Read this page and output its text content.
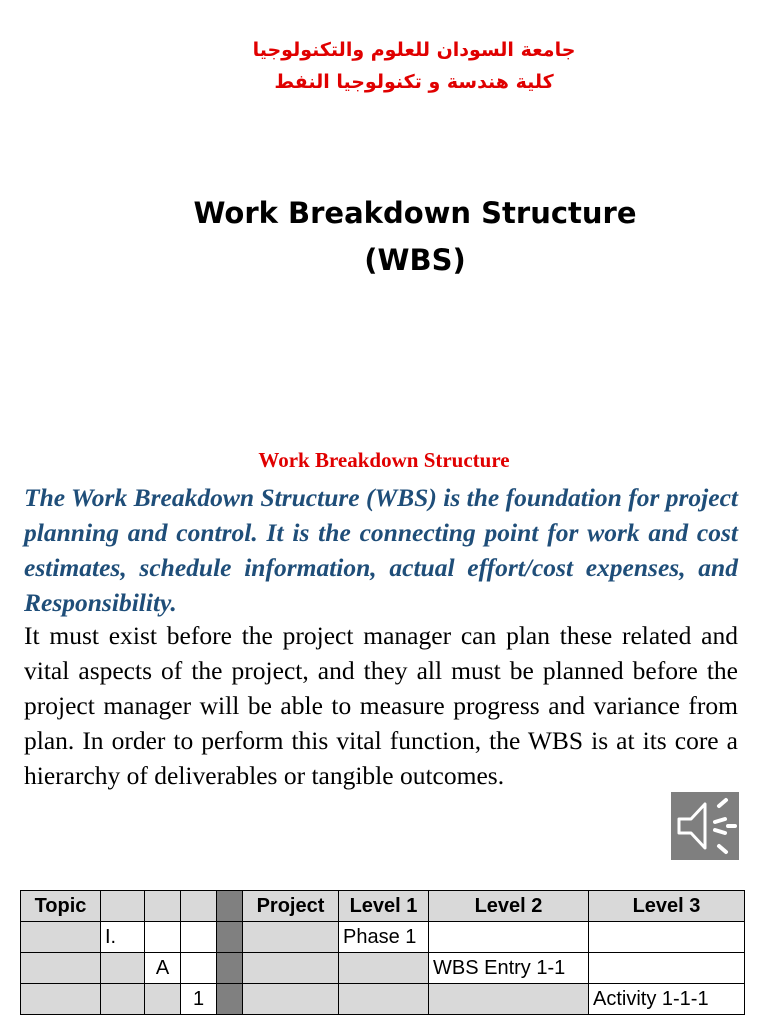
جامعة السودان للعلوم والتكنولوجيا
كلية هندسة و تكنولوجيا النفط
Work Breakdown Structure
(WBS)
Work Breakdown Structure
The Work Breakdown Structure (WBS) is the foundation for project planning and control. It is the connecting point for work and cost estimates, schedule information, actual effort/cost expenses, and Responsibility.
It must exist before the project manager can plan these related and vital aspects of the project, and they all must be planned before the project manager will be able to measure progress and variance from plan. In order to perform this vital function, the WBS is at its core a hierarchy of deliverables or tangible outcomes.
Topic					Project	Level 1	Level 2	Level 3
	I.					Phase 1		
		A					WBS Entry 1-1	
			1					Activity 1-1-1
